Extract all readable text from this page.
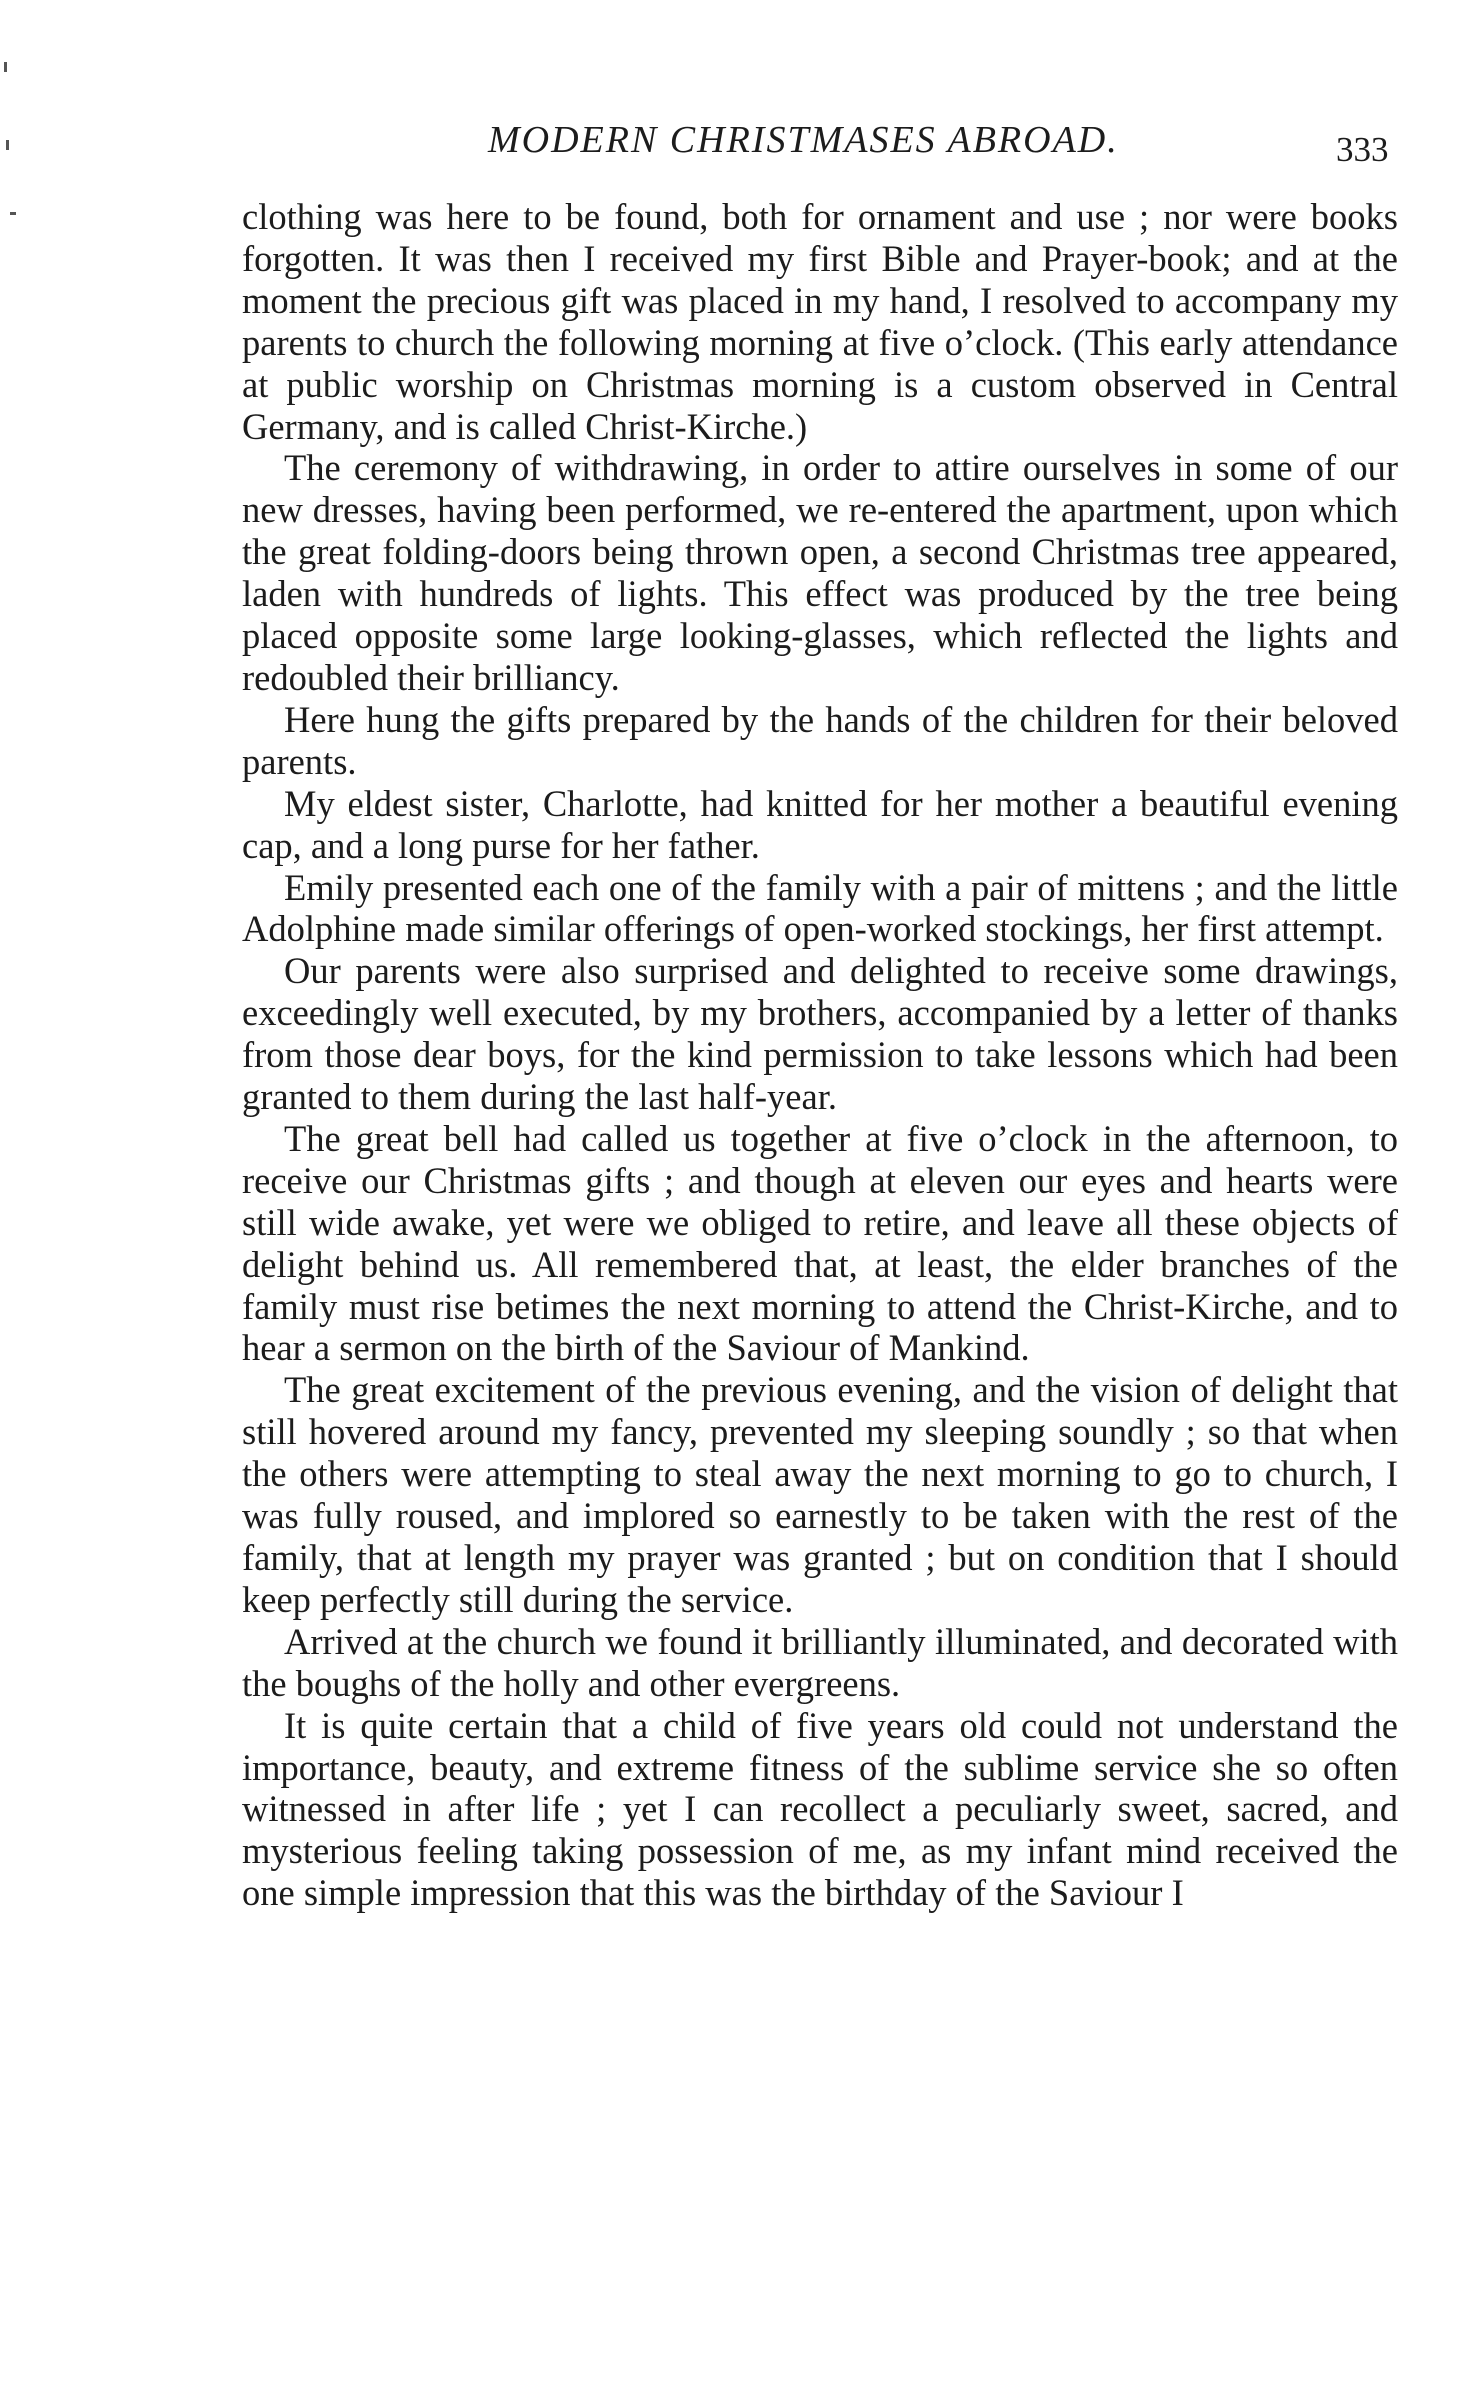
MODERN CHRISTMASES ABROAD.	333

clothing was here to be found, both for ornament and use ; nor were books forgotten. It was then I received my first Bible and Prayer-book; and at the moment the precious gift was placed in my hand, I resolved to accompany my parents to church the following morning at five o’clock. (This early attendance at public worship on Christmas morning is a custom observed in Central Germany, and is called Christ-Kirche.)

The ceremony of withdrawing, in order to attire ourselves in some of our new dresses, having been performed, we re-entered the apartment, upon which the great folding-doors being thrown open, a second Christmas tree appeared, laden with hundreds of lights. This effect was produced by the tree being placed opposite some large looking-glasses, which reflected the lights and redoubled their brilliancy.

Here hung the gifts prepared by the hands of the children for their beloved parents.

My eldest sister, Charlotte, had knitted for her mother a beautiful evening cap, and a long purse for her father.

Emily presented each one of the family with a pair of mittens ; and the little Adolphine made similar offerings of open-worked stockings, her first attempt.

Our parents were also surprised and delighted to receive some drawings, exceedingly well executed, by my brothers, accompanied by a letter of thanks from those dear boys, for the kind permission to take lessons which had been granted to them during the last half-year.

The great bell had called us together at five o’clock in the afternoon, to receive our Christmas gifts ; and though at eleven our eyes and hearts were still wide awake, yet were we obliged to retire, and leave all these objects of delight behind us. All remembered that, at least, the elder branches of the family must rise betimes the next morning to attend the Christ-Kirche, and to hear a sermon on the birth of the Saviour of Mankind.

The great excitement of the previous evening, and the vision of delight that still hovered around my fancy, prevented my sleeping soundly ; so that when the others were attempting to steal away the next morning to go to church, I was fully roused, and implored so earnestly to be taken with the rest of the family, that at length my prayer was granted ; but on condition that I should keep perfectly still during the service.

Arrived at the church we found it brilliantly illuminated, and decorated with the boughs of the holly and other evergreens.

It is quite certain that a child of five years old could not understand the importance, beauty, and extreme fitness of the sublime service she so often witnessed in after life ; yet I can recollect a peculiarly sweet, sacred, and mysterious feeling taking possession of me, as my infant mind received the one simple impression that this was the birthday of the Saviour I
